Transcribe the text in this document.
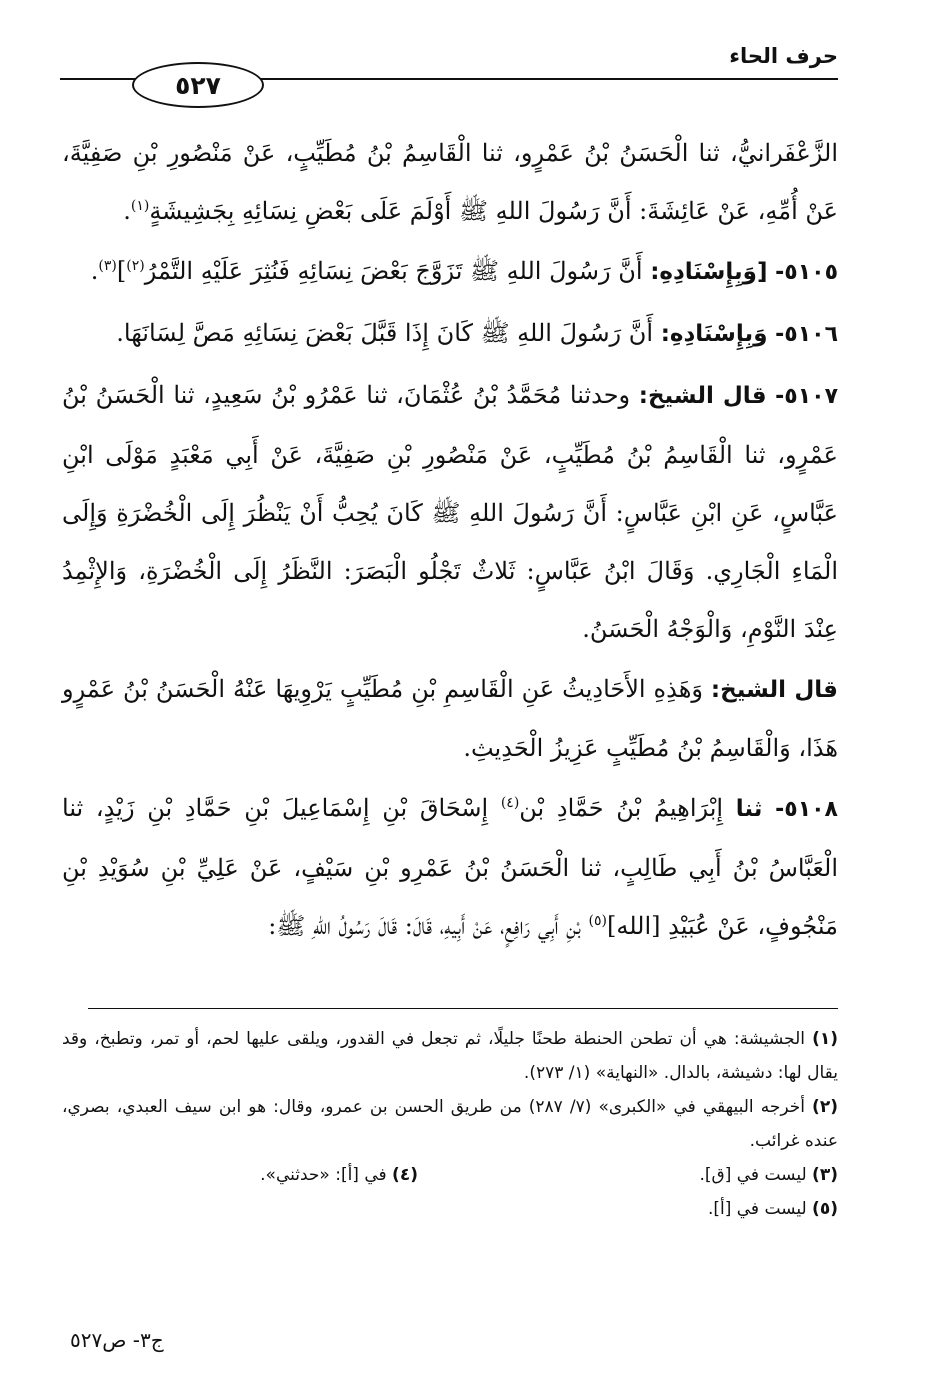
حرف الحاء
٥٢٧

الزَّعْفَرانيُّ، ثنا الْحَسَنُ بْنُ عَمْرٍو، ثنا الْقَاسِمُ بْنُ مُطَيِّبٍ، عَنْ مَنْصُورِ بْنِ صَفِيَّةَ، عَنْ أُمِّهِ، عَنْ عَائِشَةَ: أَنَّ رَسُولَ اللهِ ﷺ أَوْلَمَ عَلَى بَعْضِ نِسَائِهِ بِجَشِيشَةٍ$^{(١)}$.

٥١٠٥- [وَبِإِسْنَادِهِ: أَنَّ رَسُولَ اللهِ ﷺ تَزَوَّجَ بَعْضَ نِسَائِهِ فَنُثِرَ عَلَيْهِ التَّمْرُ$^{(٢)}$]$^{(٣)}$.

٥١٠٦- وَبِإِسْنَادِهِ: أَنَّ رَسُولَ اللهِ ﷺ كَانَ إِذَا قَبَّلَ بَعْضَ نِسَائِهِ مَصَّ لِسَانَهَا.

٥١٠٧- قال الشيخ: وحدثنا مُحَمَّدُ بْنُ عُثْمَانَ، ثنا عَمْرُو بْنُ سَعِيدٍ، ثنا الْحَسَنُ بْنُ عَمْرٍو، ثنا الْقَاسِمُ بْنُ مُطَيِّبٍ، عَنْ مَنْصُورِ بْنِ صَفِيَّةَ، عَنْ أَبِي مَعْبَدٍ مَوْلَى ابْنِ عَبَّاسٍ، عَنِ ابْنِ عَبَّاسٍ: أَنَّ رَسُولَ اللهِ ﷺ كَانَ يُحِبُّ أَنْ يَنْظُرَ إِلَى الْخُضْرَةِ وَإِلَى الْمَاءِ الْجَارِي. وَقَالَ ابْنُ عَبَّاسٍ: ثَلاثٌ تَجْلُو الْبَصَرَ: النَّظَرُ إِلَى الْخُضْرَةِ، وَالإِثْمِدُ عِنْدَ النَّوْمِ، وَالْوَجْهُ الْحَسَنُ.

قال الشيخ: وَهَذِهِ الأَحَادِيثُ عَنِ الْقَاسِمِ بْنِ مُطَيِّبٍ يَرْوِيهَا عَنْهُ الْحَسَنُ بْنُ عَمْرٍو هَذَا، وَالْقَاسِمُ بْنُ مُطَيِّبٍ عَزِيزُ الْحَدِيثِ.

٥١٠٨- ثنا إِبْرَاهِيمُ بْنُ حَمَّادِ بْن$^{(٤)}$ إِسْحَاقَ بْنِ إِسْمَاعِيلَ بْنِ حَمَّادِ بْنِ زَيْدٍ، ثنا الْعَبَّاسُ بْنُ أَبِي طَالِبٍ، ثنا الْحَسَنُ بْنُ عَمْرِو بْنِ سَيْفٍ، عَنْ عَلِيِّ بْنِ سُوَيْدِ بْنِ مَنْجُوفٍ، عَنْ عُبَيْدِ [الله]$^{(٥)}$ بْنِ أَبِي رَافِعٍ، عَنْ أَبِيهِ، قَالَ: قَالَ رَسُولُ اللهِ ﷺ:

(١) الجشيشة: هي أن تطحن الحنطة طحنًا جليلًا، ثم تجعل في القدور، ويلقى عليها لحم، أو تمر، وتطبخ، وقد يقال لها: دشيشة، بالدال. «النهاية» (١/ ٢٧٣).

(٢) أخرجه البيهقي في «الكبرى» (٧/ ٢٨٧) من طريق الحسن بن عمرو، وقال: هو ابن سيف العبدي، بصري، عنده غرائب.

(٣) ليست في [ق].

(٤) في [أ]: «حدثني».

(٥) ليست في [أ].

ج٣- ص٥٢٧
